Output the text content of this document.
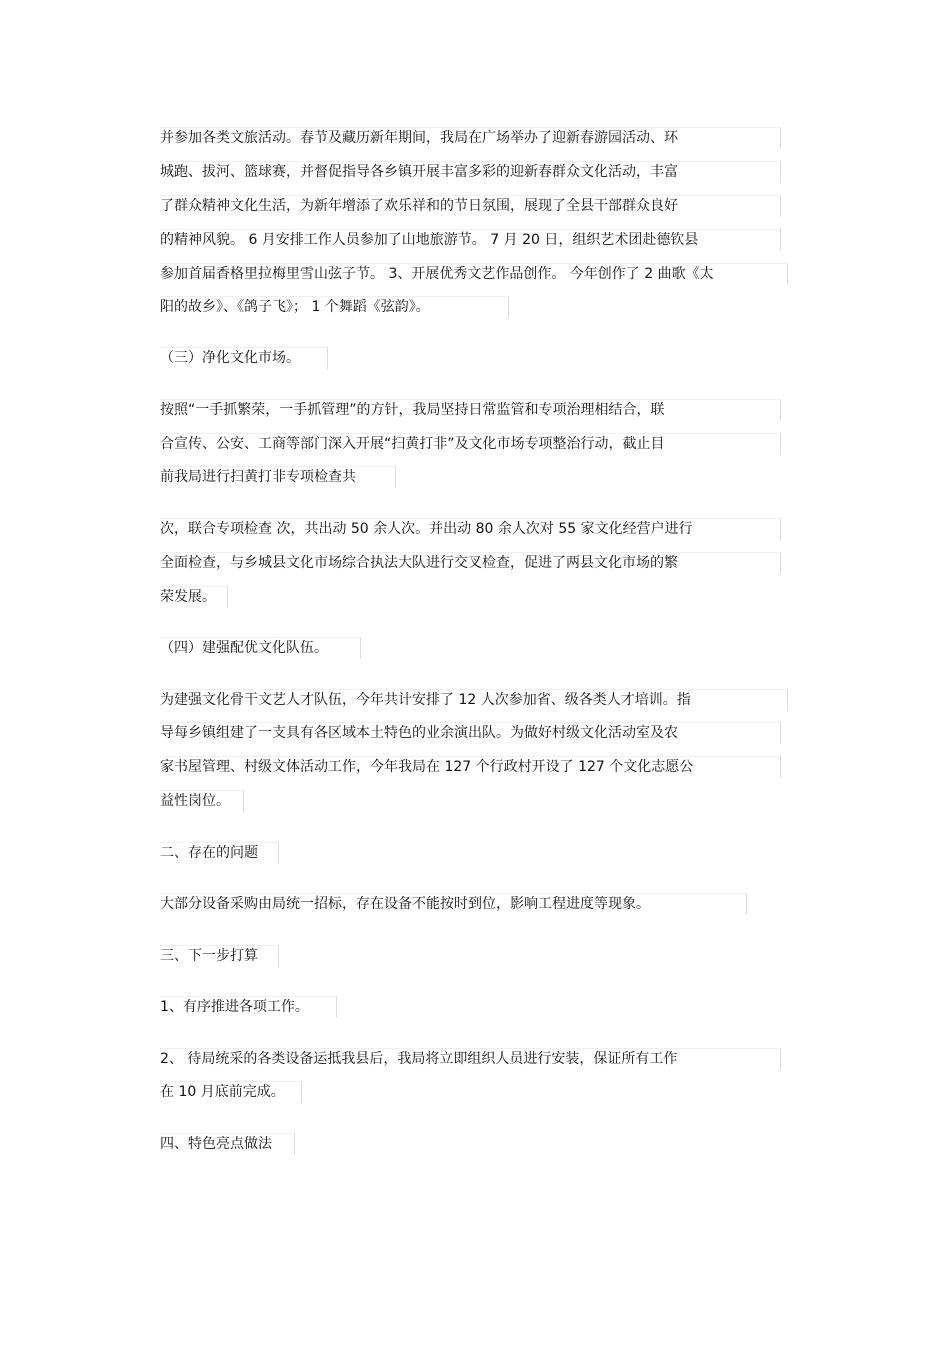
并参加各类文旅活动。春节及藏历新年期间，我局在广场举办了迎新春游园活动、环
城跑、拔河、篮球赛，并督促指导各乡镇开展丰富多彩的迎新春群众文化活动，丰富
了群众精神文化生活，为新年增添了欢乐祥和的节日氛围，展现了全县干部群众良好
的精神风貌。 6 月安排工作人员参加了山地旅游节。 7 月 20 日，组织艺术团赴德钦县
参加首届香格里拉梅里雪山弦子节。 3、开展优秀文艺作品创作。 今年创作了 2 曲歌《太
阳的故乡》、《鸽子飞》； 1 个舞蹈《弦韵》。
（三）净化文化市场。
按照“一手抓繁荣，一手抓管理”的方针，我局坚持日常监管和专项治理相结合，联
合宣传、公安、工商等部门深入开展“扫黄打非”及文化市场专项整治行动，截止目
前我局进行扫黄打非专项检查共
次，联合专项检查 次，共出动 50 余人次。并出动 80 余人次对 55 家文化经营户进行
全面检查，与乡城县文化市场综合执法大队进行交叉检查，促进了两县文化市场的繁
荣发展。
（四）建强配优文化队伍。
为建强文化骨干文艺人才队伍，今年共计安排了 12 人次参加省、级各类人才培训。指
导每乡镇组建了一支具有各区域本土特色的业余演出队。为做好村级文化活动室及农
家书屋管理、村级文体活动工作，今年我局在 127 个行政村开设了 127 个文化志愿公
益性岗位。
二、存在的问题
大部分设备采购由局统一招标，存在设备不能按时到位，影响工程进度等现象。
三、下一步打算
1、有序推进各项工作。
2、 待局统采的各类设备运抵我县后，我局将立即组织人员进行安装，保证所有工作
在 10 月底前完成。
四、特色亮点做法
